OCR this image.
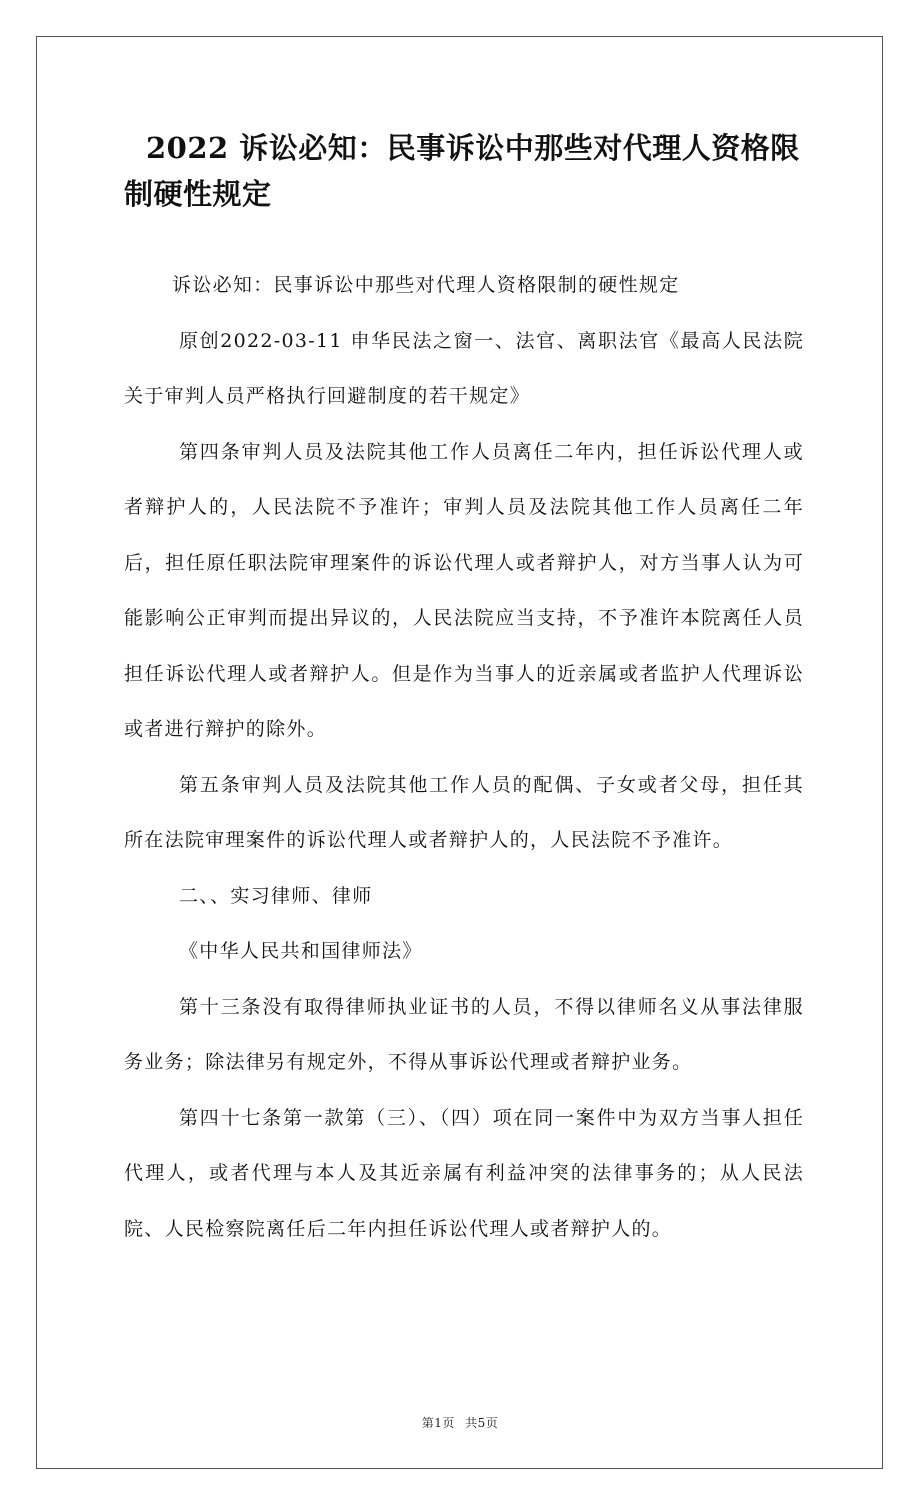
2022 诉讼必知：民事诉讼中那些对代理人资格限制硬性规定

诉讼必知：民事诉讼中那些对代理人资格限制的硬性规定

原创2022-03-11 申华民法之窗一、法官、离职法官《最高人民法院关于审判人员严格执行回避制度的若干规定》

第四条审判人员及法院其他工作人员离任二年内，担任诉讼代理人或者辩护人的，人民法院不予准许；审判人员及法院其他工作人员离任二年后，担任原任职法院审理案件的诉讼代理人或者辩护人，对方当事人认为可能影响公正审判而提出异议的，人民法院应当支持，不予准许本院离任人员担任诉讼代理人或者辩护人。但是作为当事人的近亲属或者监护人代理诉讼或者进行辩护的除外。

第五条审判人员及法院其他工作人员的配偶、子女或者父母，担任其所在法院审理案件的诉讼代理人或者辩护人的，人民法院不予准许。

二、、实习律师、律师

《中华人民共和国律师法》

第十三条没有取得律师执业证书的人员，不得以律师名义从事法律服务业务；除法律另有规定外，不得从事诉讼代理或者辩护业务。

第四十七条第一款第（三）、（四）项在同一案件中为双方当事人担任代理人，或者代理与本人及其近亲属有利益冲突的法律事务的；从人民法院、人民检察院离任后二年内担任诉讼代理人或者辩护人的。

第1页 共5页
